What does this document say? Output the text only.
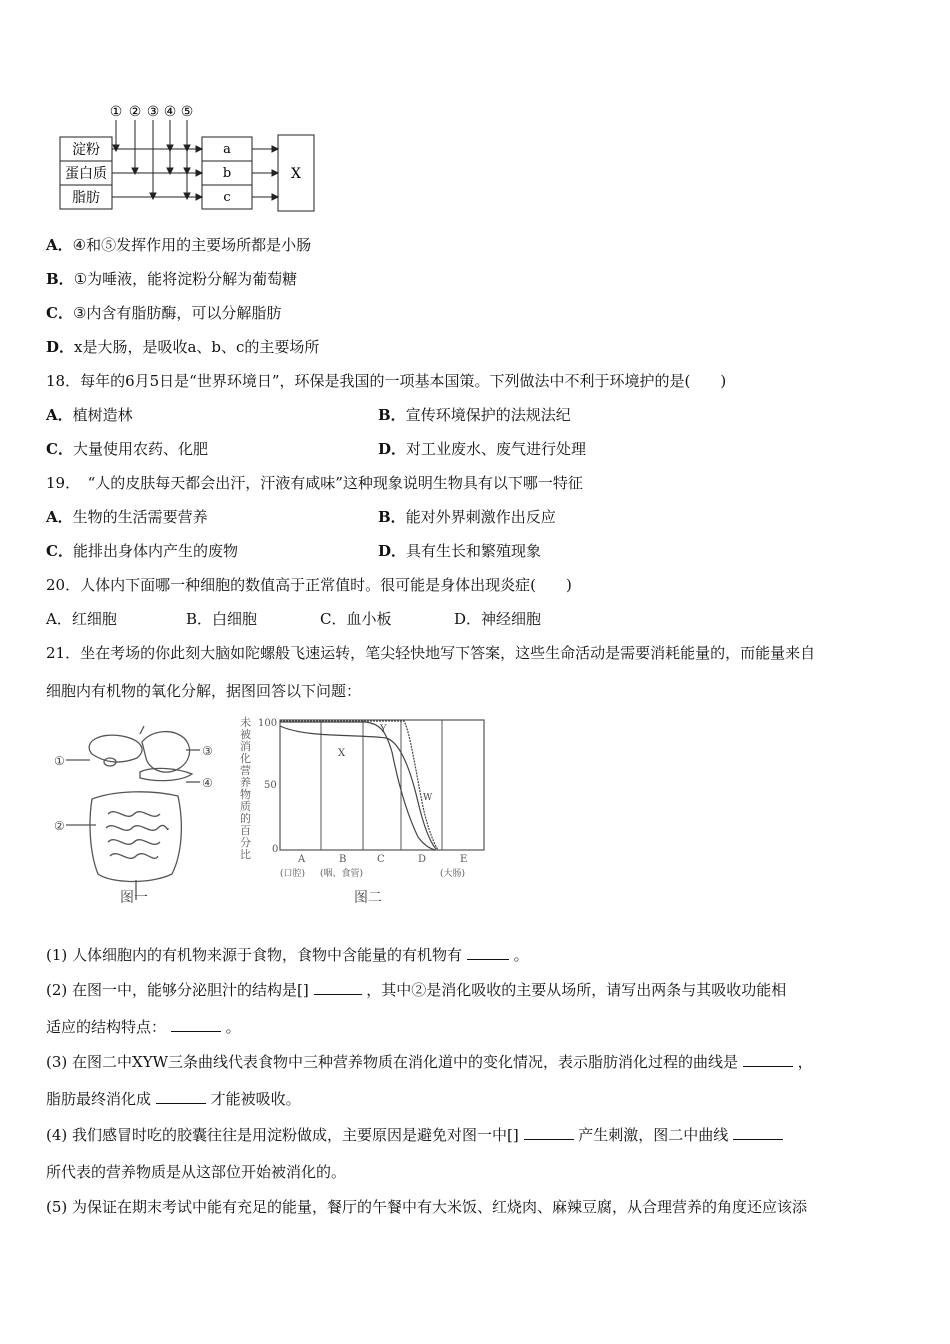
① ② ③ ④ ⑤
淀粉
蛋白质
脂肪
a
b
c
X
A．④和⑤发挥作用的主要场所都是小肠
B．①为唾液，能将淀粉分解为葡萄糖
C．③内含有脂肪酶，可以分解脂肪
D．x是大肠，是吸收a、b、c的主要场所
18．每年的6月5日是“世界环境日”，环保是我国的一项基本国策。下列做法中不利于环境护的是(　　)
A．植树造林	B．宣传环境保护的法规法纪
C．大量使用农药、化肥	D．对工业废水、废气进行处理
19．　“人的皮肤每天都会出汗，汗液有咸味”这种现象说明生物具有以下哪一特征
A．生物的生活需要营养	B．能对外界刺激作出反应
C．能排出身体内产生的废物	D．具有生长和繁殖现象
20．人体内下面哪一种细胞的数值高于正常值时。很可能是身体出现炎症(　　)
A．红细胞	B．白细胞	C．血小板	D．神经细胞
21．坐在考场的你此刻大脑如陀螺般飞速运转，笔尖轻快地写下答案，这些生命活动是需要消耗能量的，而能量来自
细胞内有机物的氧化分解，据图回答以下问题：
①
②
③
④
图一
未被消化营养物质的百分比
100
50
0
X
Y
W
A	B	C	D	E
(口腔) (咽、食管)	(大肠)
图二
(1) 人体细胞内的有机物来源于食物，食物中含能量的有机物有	。
(2) 在图一中，能够分泌胆汁的结构是[]	，其中②是消化吸收的主要从场所，请写出两条与其吸收功能相
适应的结构特点：	。
(3) 在图二中XYW三条曲线代表食物中三种营养物质在消化道中的变化情况，表示脂肪消化过程的曲线是	，
脂肪最终消化成	才能被吸收。
(4) 我们感冒时吃的胶囊往往是用淀粉做成，主要原因是避免对图一中[]	产生刺激，图二中曲线
所代表的营养物质是从这部位开始被消化的。
(5) 为保证在期末考试中能有充足的能量，餐厅的午餐中有大米饭、红烧肉、麻辣豆腐，从合理营养的角度还应该添
